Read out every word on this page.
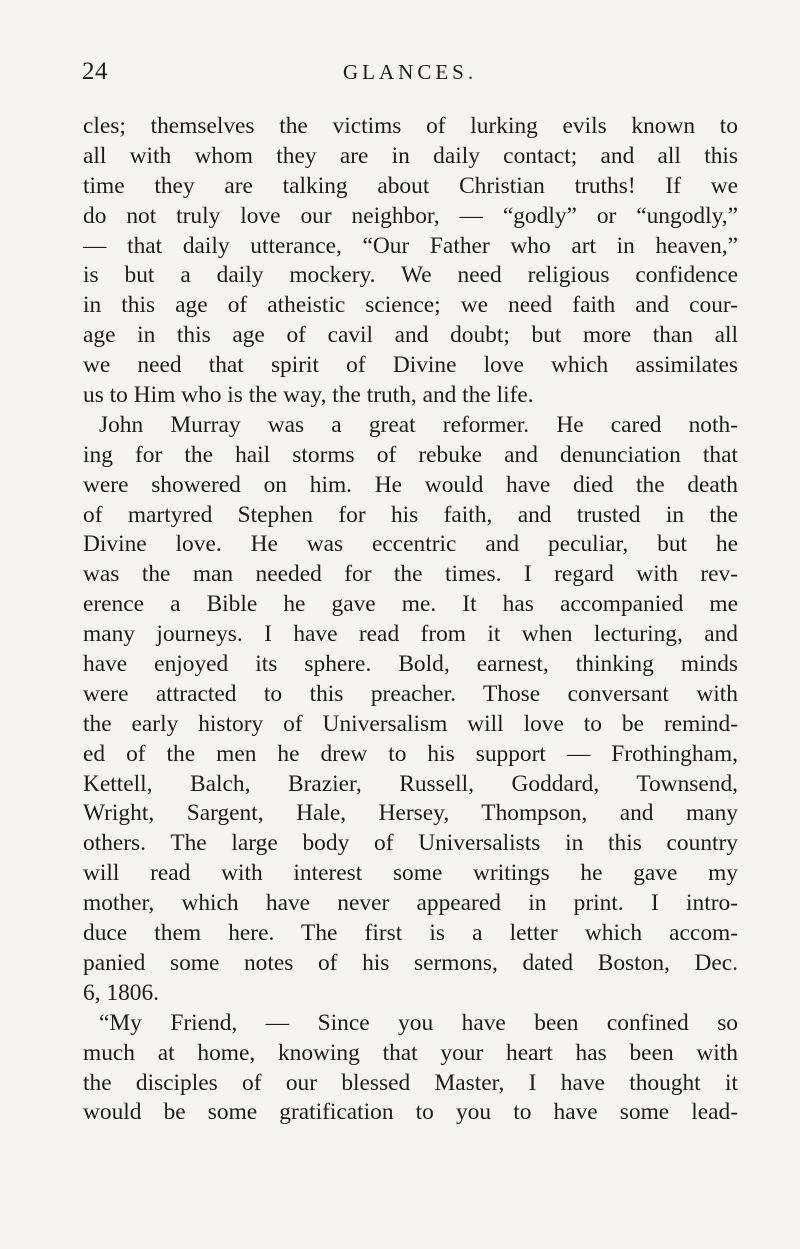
24	GLANCES.
cles; themselves the victims of lurking evils known to
all with whom they are in daily contact; and all this
time they are talking about Christian truths! If we
do not truly love our neighbor, — “godly” or “ungodly,”
— that daily utterance, “Our Father who art in heaven,”
is but a daily mockery. We need religious confidence
in this age of atheistic science; we need faith and cour-
age in this age of cavil and doubt; but more than all
we need that spirit of Divine love which assimilates
us to Him who is the way, the truth, and the life.
John Murray was a great reformer. He cared noth-
ing for the hail storms of rebuke and denunciation that
were showered on him. He would have died the death
of martyred Stephen for his faith, and trusted in the
Divine love. He was eccentric and peculiar, but he
was the man needed for the times. I regard with rev-
erence a Bible he gave me. It has accompanied me
many journeys. I have read from it when lecturing, and
have enjoyed its sphere. Bold, earnest, thinking minds
were attracted to this preacher. Those conversant with
the early history of Universalism will love to be remind-
ed of the men he drew to his support — Frothingham,
Kettell, Balch, Brazier, Russell, Goddard, Townsend,
Wright, Sargent, Hale, Hersey, Thompson, and many
others. The large body of Universalists in this country
will read with interest some writings he gave my
mother, which have never appeared in print. I intro-
duce them here. The first is a letter which accom-
panied some notes of his sermons, dated Boston, Dec.
6, 1806.
“My Friend, — Since you have been confined so
much at home, knowing that your heart has been with
the disciples of our blessed Master, I have thought it
would be some gratification to you to have some lead-
